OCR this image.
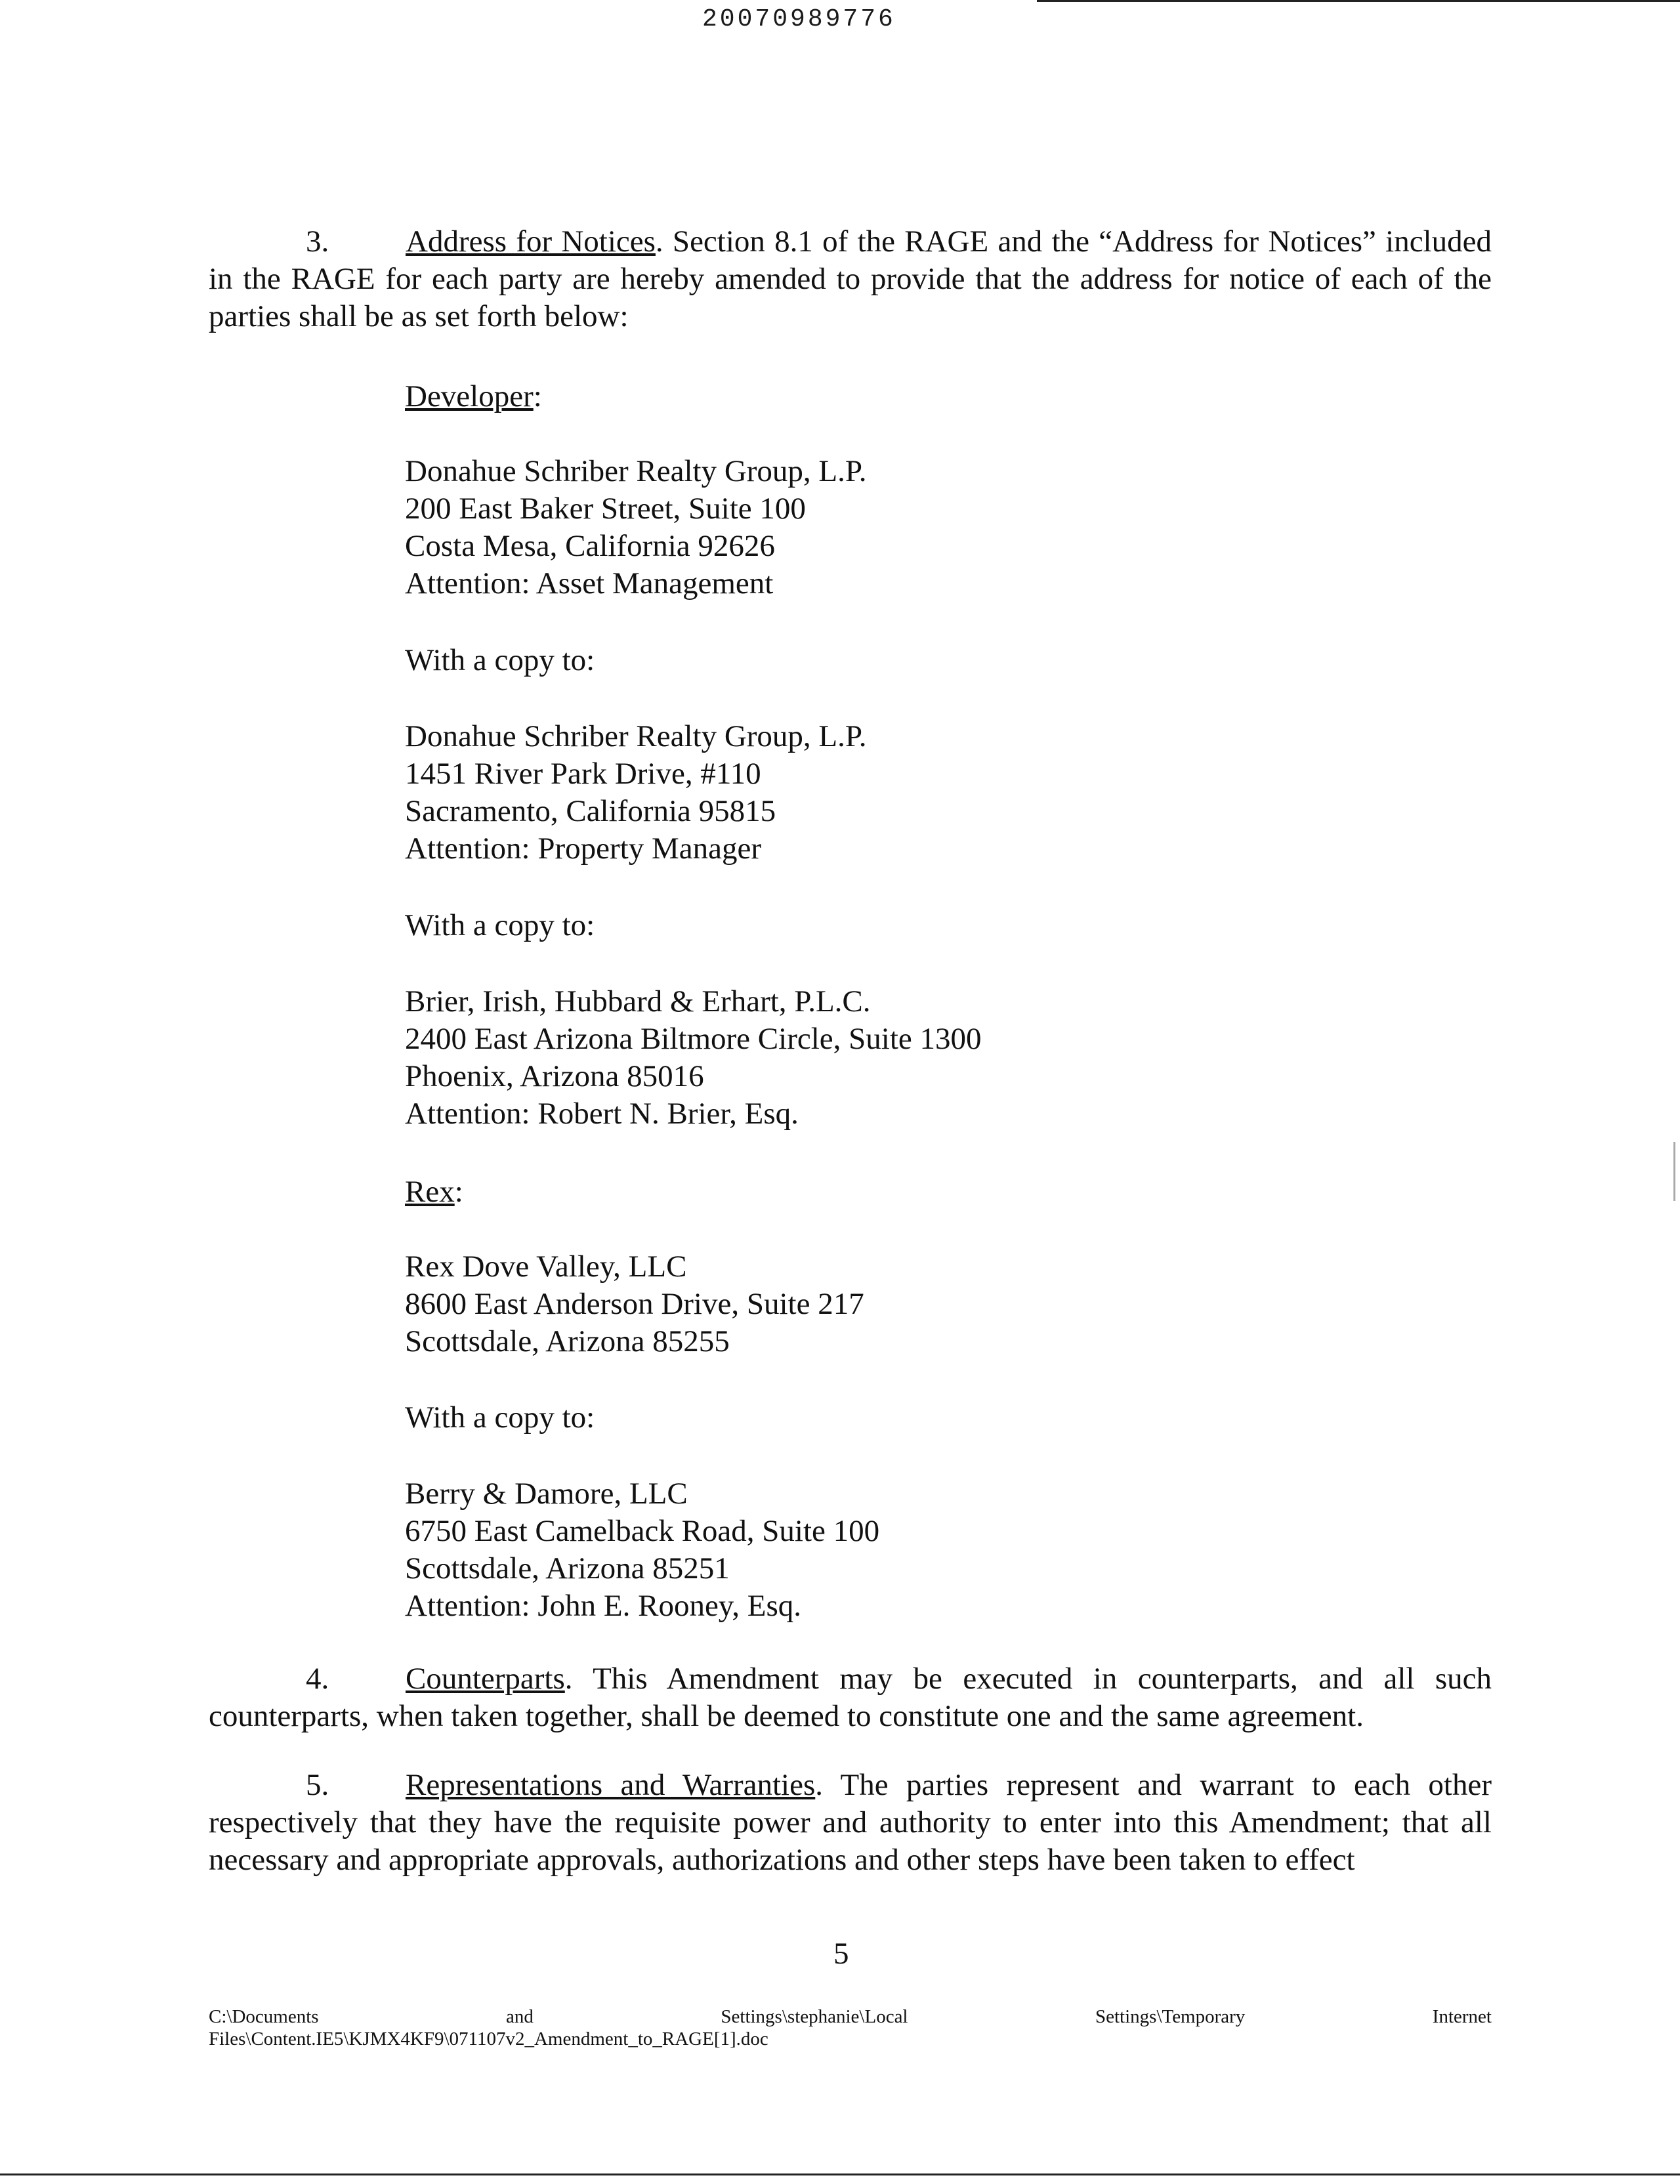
20070989776
3. Address for Notices. Section 8.1 of the RAGE and the “Address for Notices” included in the RAGE for each party are hereby amended to provide that the address for notice of each of the parties shall be as set forth below:
Developer:
Donahue Schriber Realty Group, L.P.
200 East Baker Street, Suite 100
Costa Mesa, California 92626
Attention: Asset Management
With a copy to:
Donahue Schriber Realty Group, L.P.
1451 River Park Drive, #110
Sacramento, California 95815
Attention: Property Manager
With a copy to:
Brier, Irish, Hubbard & Erhart, P.L.C.
2400 East Arizona Biltmore Circle, Suite 1300
Phoenix, Arizona 85016
Attention: Robert N. Brier, Esq.
Rex:
Rex Dove Valley, LLC
8600 East Anderson Drive, Suite 217
Scottsdale, Arizona 85255
With a copy to:
Berry & Damore, LLC
6750 East Camelback Road, Suite 100
Scottsdale, Arizona 85251
Attention: John E. Rooney, Esq.
4. Counterparts. This Amendment may be executed in counterparts, and all such counterparts, when taken together, shall be deemed to constitute one and the same agreement.
5. Representations and Warranties. The parties represent and warrant to each other respectively that they have the requisite power and authority to enter into this Amendment; that all necessary and appropriate approvals, authorizations and other steps have been taken to effect
5
C:\Documents	and	Settings\stephanie\Local	Settings\Temporary	Internet
Files\Content.IE5\KJMX4KF9\071107v2_Amendment_to_RAGE[1].doc
